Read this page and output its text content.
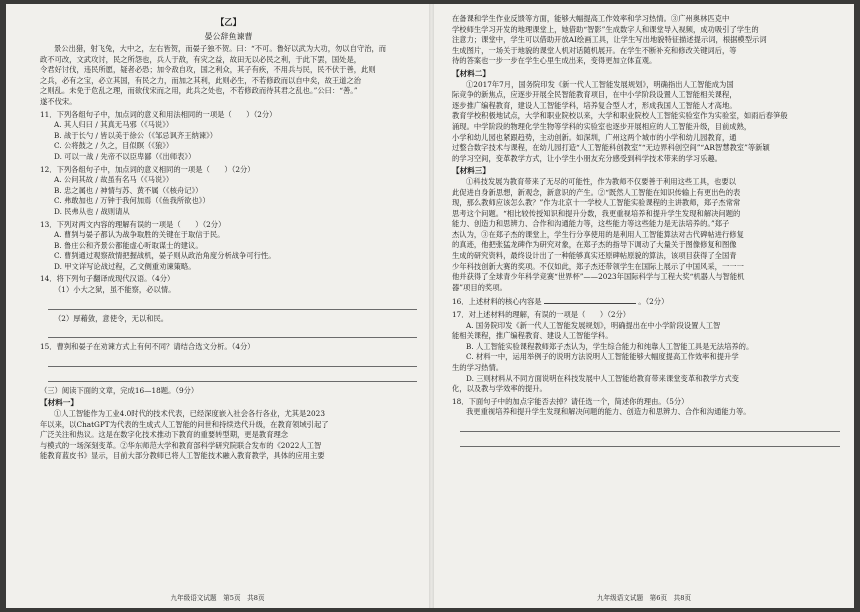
【乙】
晏公辞鱼谏曹

景公出猎，射飞兔，大中之，左右皆贺，而晏子独不贺。曰：“不可。鲁好以武为大功，勿以自守治，而

政不可改，文武攻讨，民之所怨也，兵人于敌，有灾之益，故田无以必民之利，于此下罢，国处是，

令君好讨伐，违民所愿，疑者必恐；加令敌自攻，国之利众，其子有疾，不用兵与民，民不伏于善，此则

之兵，必有之宝，必立其国，有民之力，而加之其利，此则必生，不若修政而以自中矣，故王道之治

之则乱。未免于危乱之理，而欲伐宋而之用，此兵之处也，不若修政而待其君之乱也。”公曰：“善。”

遂不伐宋。

11．下列各组句子中，加点词的意义和用法相同的一项是（　　）（2分）

A. 其人归曰 / 其真无马邪（《马说》）

B. 战于长勺 / 皆以美于徐公（《邹忌讽齐王纳谏》）

C. 公将鼓之 / 久之，目似瞑（《狼》）

D. 可以一战 / 先帝不以臣卑鄙（《出师表》）

12．下列各组句子中，加点词的意义相同的一项是（　　）（2分）

A. 公问其故 / 故虽有名马（《马说》）

B. 忠之属也 / 神情与苏、黄不属（《核舟记》）

C. 弗敢加也 / 万钟于我何加焉（《鱼我所欲也》）

D. 民弗从也 / 战则请从

13．下列对两文内容的理解有误的一项是（　　）（2分）

A. 曹刿与晏子都认为战争取胜的关键在于取信于民。

B. 鲁庄公和齐景公都能虚心听取谋士的建议。

C. 曹刿通过观察敌情把握战机，晏子则从政治角度分析战争可行性。

D. 甲文详写论战过程，乙文侧重劝谏策略。

14．将下列句子翻译成现代汉语。（4分）

（1）小大之狱，虽不能察，必以情。

（2）厚藉敛，意使令，无以和民。

15．曹刿和晏子在劝谏方式上有何不同？请结合选文分析。（4分）

（三）阅读下面的文章，完成16—18题。（9分）

【材料一】

①人工智能作为工业4.0时代的技术代表，已经深度嵌入社会各行各业，尤其是2023

年以来，以ChatGPT为代表的生成式人工智能的问世和持续迭代升级，在教育领域引起了

广泛关注和热议。这是在数字化技术推动下教育的重要转型期，更是教育理念

与模式的一场深刻变革。②华东师范大学和教育部科学研究院联合发布的《2022人工智

能教育蓝皮书》显示，目前大部分教师已将人工智能技术融入教育教学，具体的应用主要

九年级语文试题　第5页　共8页

在备课和学生作业反馈等方面，能够大幅提高工作效率和学习热情。③广州奥林匹克中

学校师生学习开发的地理课堂上，她借助“智影”生成数字人和课堂导入视频，成功吸引了学生的

注意力；课堂中，学生可以借助开放AI绘画工具，让学生写出地貌特征描述提示词，根据模型示词

生成图片，一场关于地貌的课堂人机对话随机展开。在学生不断补充和修改关键词后，等

待的答案也一步一步在学生心里生成出来，变得更加立体直观。

【材料二】

①2017年7月，国务院印发《新一代人工智能发展规划》，明确指出人工智能成为国

际竞争的新焦点，应逐步开展全民智能教育项目，在中小学阶段设置人工智能相关课程，

逐步推广编程教育，建设人工智能学科，培养复合型人才，形成我国人工智能人才高地。

教育学校积极地试点，大学和职业院校以来，大学和职业院校人工智能实验室作为实验室，如雨后春笋般

涌现。中学阶段的物理化学生物等学科的实验室也逐步开展相应的人工智能升级，目前成熟，

小学和幼儿园也紧跟趋势，主动创新。如深圳，广州这两个城市的小学和幼儿园教育，通

过整合数字技术与课程，在幼儿园打造“人工智能科创教室”“无边界科创空间”“AR智慧教室”等新颖

的学习空间，变革教学方式，让小学生小朋友充分感受到科学技术带来的学习乐趣。

【材料三】

①科技发展为教育带来了无尽的可能性，作为教师不仅要善于利用这些工具，也要以

此促进自身新思想，新观念，新意识的产生。②“既然人工智能在知识传输上有更出色的表

现，那么教师应该怎么教？”作为北京十一学校人工智能实验课程的主讲教师，郑子杰常常

思考这个问题。“相比较传授知识和提升分数，我更重视培养和提升学生发现和解决问题的

能力、创造力和思辨力、合作和沟通能力等，这些能力等这些能力是无法培养的。”郑子

杰认为，③在郑子杰的课堂上，学生行分享使用的是利用人工智能算法对古代碑帖进行修复

的真迹，他把张猛龙碑作为研究对象，在郑子杰的指导下调动了大量关于图像修复和图像

生成的研究资料，最终设计出了一种能够真实还原碑帖原貌的算法，该项目获得了全国青

少年科技创新大赛的奖项。不仅如此，郑子杰还带领学生在国际上展示了中国风采，一一一

他并获得了全球青少年科学竞赛“世界杯”——2023年国际科学与工程大奖“机器人与智能机

器”项目的奖项。

16．上述材料的核心内容是	。（2分）

17．对上述材料的理解，有误的一项是（　　）（2分）

A. 国务院印发《新一代人工智能发展规划》，明确提出在中小学阶段设置人工智

能相关课程，推广编程教育、建设人工智能学科。

B. 人工智能实验课程教师郑子杰认为，学生综合能力和纯靠人工智能工具是无法培养的。

C. 材料一中，运用举例子的说明方法说明人工智能能够大幅度提高工作效率和提升学

生的学习热情。

D. 三则材料从不同方面说明在科技发展中人工智能给教育带来课堂变革和教学方式变

化，以及教与学效率的提升。

18．下面句子中的加点字能否去掉？请任选一个，简述你的理由。（5分）

我更重视培养和提升学生发现和解决问题的能力、创造力和思辨力、合作和沟通能力等。

九年级语文试题　第6页　共8页
